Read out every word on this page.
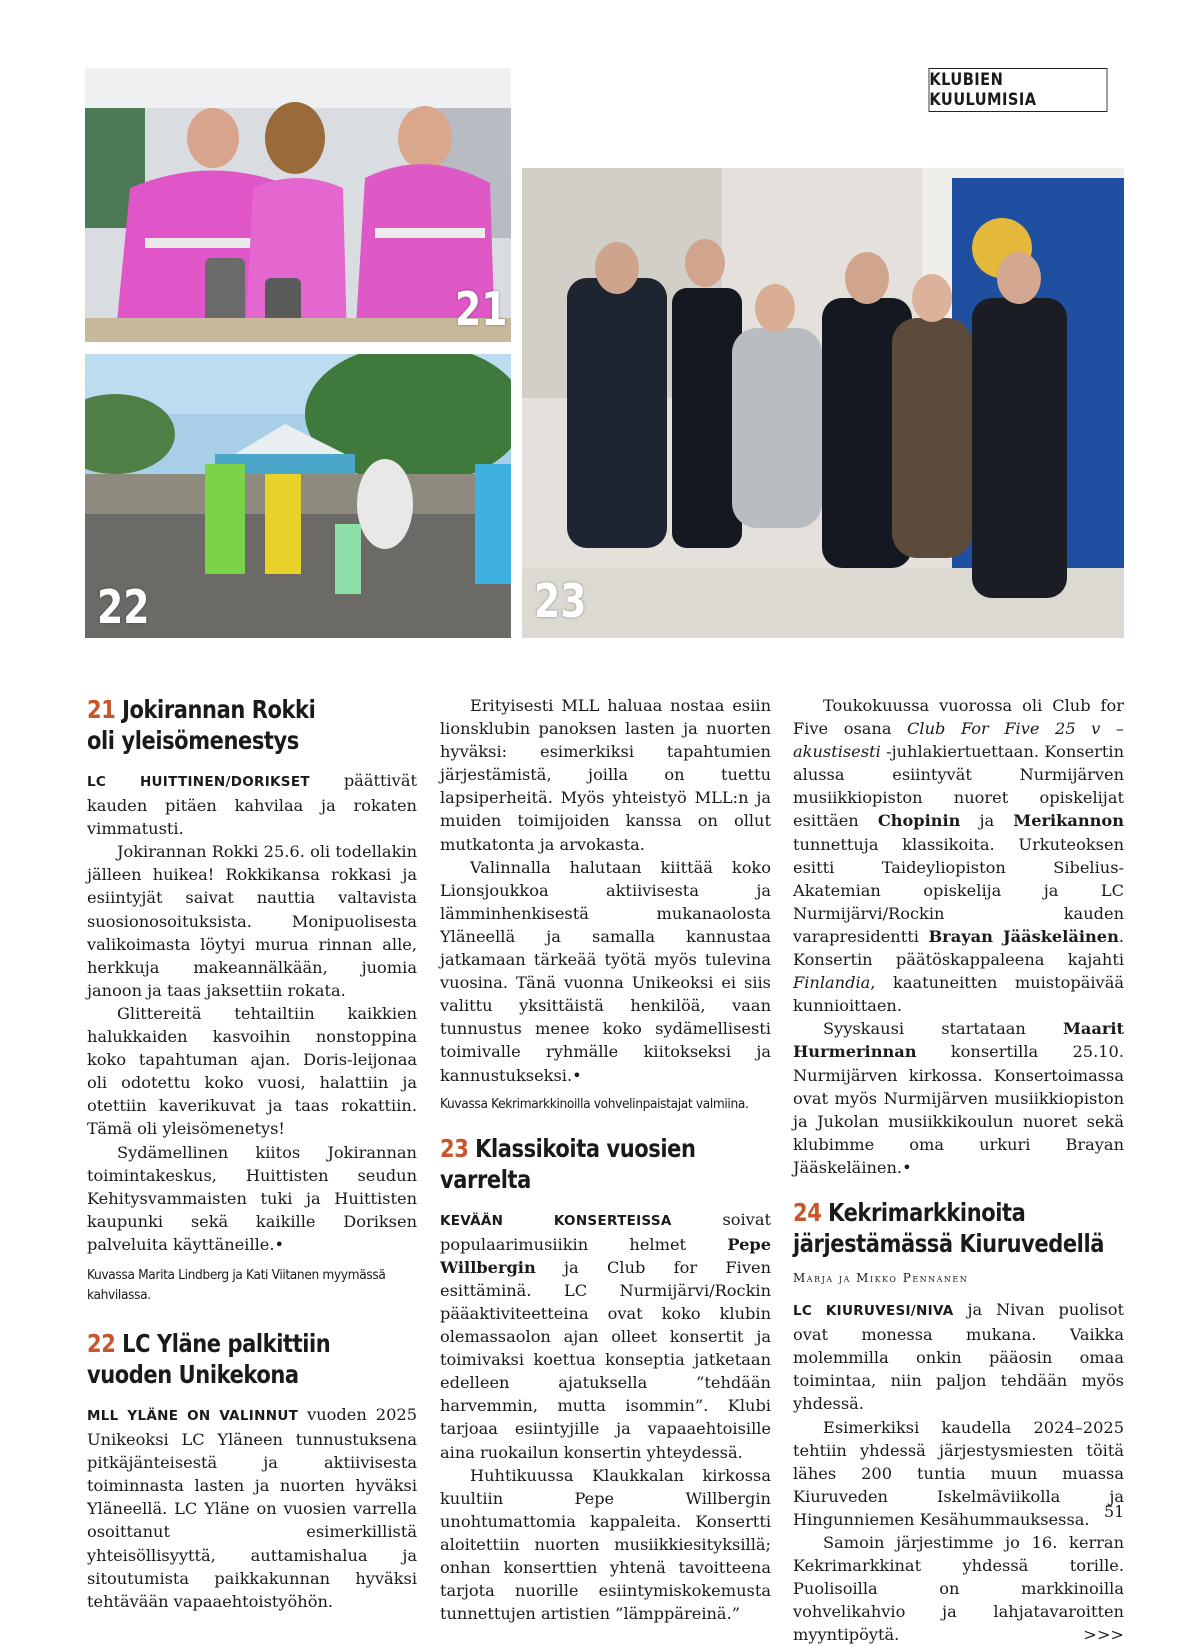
KLUBIEN KUULUMISIA
21
22	23
21 Jokirannan Rokki
oli yleisömenestys

LC HUITTINEN/DORIKSET päättivät kauden pitäen kahvilaa ja rokaten vimmatusti.

Jokirannan Rokki 25.6. oli todellakin jälleen huikea! Rokkikansa rokkasi ja esiintyjät saivat nauttia valtavista suosionosoituksista. Monipuolisesta valikoimasta löytyi murua rinnan alle, herkkuja makeannälkään, juomia janoon ja taas jaksettiin rokata.

Glittereitä tehtailtiin kaikkien halukkaiden kasvoihin nonstoppina koko tapahtuman ajan. Doris-leijonaa oli odotettu koko vuosi, halattiin ja otettiin kaverikuvat ja taas rokattiin. Tämä oli yleisömenetys!

Sydämellinen kiitos Jokirannan toimintakeskus, Huittisten seudun Kehitysvammaisten tuki ja Huittisten kaupunki sekä kaikille Doriksen palveluita käyttäneille.•

Kuvassa Marita Lindberg ja Kati Viitanen myymässä kahvilassa.
22 LC Yläne palkittiin
vuoden Unikekona

MLL YLÄNE ON VALINNUT vuoden 2025 Unikeoksi LC Yläneen tunnustuksena pitkäjänteisestä ja aktiivisesta toiminnasta lasten ja nuorten hyväksi Yläneellä. LC Yläne on vuosien varrella osoittanut esimerkillistä yhteisöllisyyttä, auttamishalua ja sitoutumista paikkakunnan hyväksi tehtävään vapaaehtoistyöhön.

Erityisesti MLL haluaa nostaa esiin lionsklubin panoksen lasten ja nuorten hyväksi: esimerkiksi tapahtumien järjestämistä, joilla on tuettu lapsiperheitä. Myös yhteistyö MLL:n ja muiden toimijoiden kanssa on ollut mutkatonta ja arvokasta.

Valinnalla halutaan kiittää koko Lionsjoukkoa aktiivisesta ja lämminhenkisestä mukanaolosta Yläneellä ja samalla kannustaa jatkamaan tärkeää työtä myös tulevina vuosina. Tänä vuonna Unikeoksi ei siis valittu yksittäistä henkilöä, vaan tunnustus menee koko sydämellisesti toimivalle ryhmälle kiitokseksi ja kannustukseksi.•

Kuvassa Kekrimarkkinoilla vohvelinpaistajat valmiina.
23 Klassikoita vuosien varrelta

KEVÄÄN KONSERTEISSA soivat populaarimusiikin helmet Pepe Willbergin ja Club for Fiven esittäminä. LC Nurmijärvi/Rockin pääaktiviteetteina ovat koko klubin olemassaolon ajan olleet konsertit ja toimivaksi koettua konseptia jatketaan edelleen ajatuksella ”tehdään harvemmin, mutta isommin”. Klubi tarjoaa esiintyjille ja vapaaehtoisille aina ruokailun konsertin yhteydessä.

Huhtikuussa Klaukkalan kirkossa kuultiin Pepe Willbergin unohtumattomia kappaleita. Konsertti aloitettiin nuorten musiikkiesityksillä; onhan konserttien yhtenä tavoitteena tarjota nuorille esiintymiskokemusta tunnettujen artistien ”lämppäreinä.”

Toukokuussa vuorossa oli Club for Five osana Club For Five 25 v – akustisesti -juhlakiertuettaan. Konsertin alussa esiintyvät Nurmijärven musiikkiopiston nuoret opiskelijat esittäen Chopinin ja Merikannon tunnettuja klassikoita. Urkuteoksen esitti Taideyliopiston Sibelius-Akatemian opiskelija ja LC Nurmijärvi/Rockin kauden varapresidentti Brayan Jääskeläinen. Konsertin päätöskappaleena kajahti Finlandia, kaatuneitten muistopäivää kunnioittaen.

Syyskausi startataan Maarit Hurmerinnan konsertilla 25.10. Nurmijärven kirkossa. Konsertoimassa ovat myös Nurmijärven musiikkiopiston ja Jukolan musiikkikoulun nuoret sekä klubimme oma urkuri Brayan Jääskeläinen.•

24 Kekrimarkkinoita
järjestämässä Kiuruvedellä

Marja ja Mikko Pennanen

LC KIURUVESI/NIVA ja Nivan puolisot ovat monessa mukana. Vaikka molemmilla onkin pääosin omaa toimintaa, niin paljon tehdään myös yhdessä.

Esimerkiksi kaudella 2024–2025 tehtiin yhdessä järjestysmiesten töitä lähes 200 tuntia muun muassa Kiuruveden Iskelmäviikolla ja Hingunniemen Kesähummauksessa.

Samoin järjestimme jo 16. kerran Kekrimarkkinat yhdessä torille. Puolisoilla on markkinoilla vohvelikahvio ja lahjatavaroitten myyntipöytä.	>>>

51
